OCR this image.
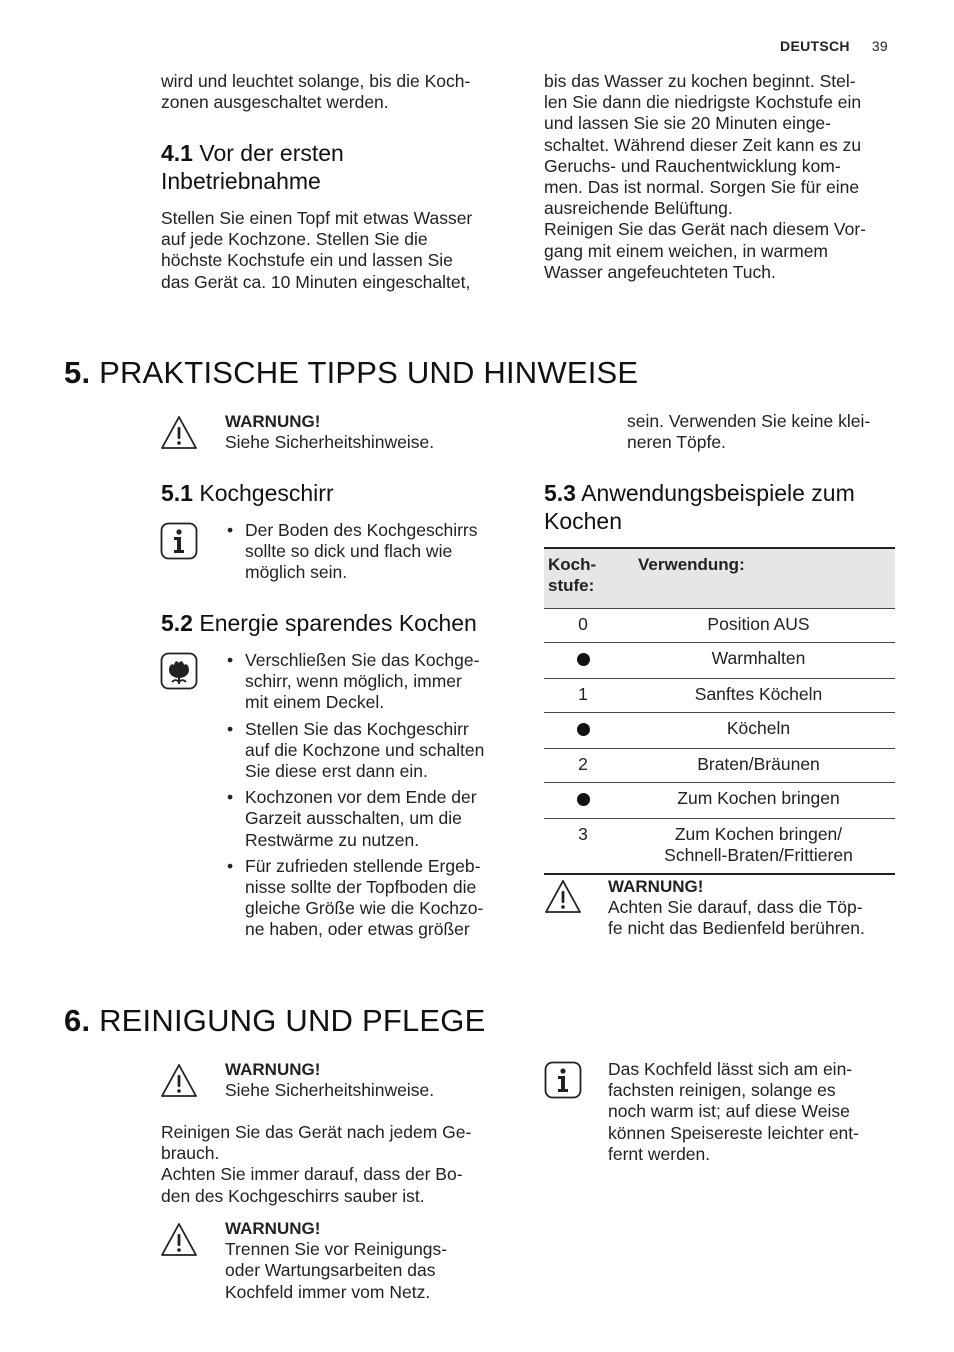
DEUTSCH 39
wird und leuchtet solange, bis die Koch-
zonen ausgeschaltet werden.
4.1 Vor der ersten
Inbetriebnahme
Stellen Sie einen Topf mit etwas Wasser
auf jede Kochzone. Stellen Sie die
höchste Kochstufe ein und lassen Sie
das Gerät ca. 10 Minuten eingeschaltet,
bis das Wasser zu kochen beginnt. Stel-
len Sie dann die niedrigste Kochstufe ein
und lassen Sie sie 20 Minuten einge-
schaltet. Während dieser Zeit kann es zu
Geruchs- und Rauchentwicklung kom-
men. Das ist normal. Sorgen Sie für eine
ausreichende Belüftung.
Reinigen Sie das Gerät nach diesem Vor-
gang mit einem weichen, in warmem
Wasser angefeuchteten Tuch.
5. PRAKTISCHE TIPPS UND HINWEISE
WARNUNG!
Siehe Sicherheitshinweise.
sein. Verwenden Sie keine klei-
neren Töpfe.
5.1 Kochgeschirr
• Der Boden des Kochgeschirrs
sollte so dick und flach wie
möglich sein.
5.2 Energie sparendes Kochen
• Verschließen Sie das Kochge-
schirr, wenn möglich, immer
mit einem Deckel.
• Stellen Sie das Kochgeschirr
auf die Kochzone und schalten
Sie diese erst dann ein.
• Kochzonen vor dem Ende der
Garzeit ausschalten, um die
Restwärme zu nutzen.
• Für zufrieden stellende Ergeb-
nisse sollte der Topfboden die
gleiche Größe wie die Kochzo-
ne haben, oder etwas größer
5.3 Anwendungsbeispiele zum
Kochen
Koch-
stufe:	Verwendung:

0	Position AUS
	Warmhalten
1	Sanftes Köcheln
	Köcheln
2	Braten/Bräunen
	Zum Kochen bringen
3	Zum Kochen bringen/
Schnell-Braten/Frittieren
WARNUNG!
Achten Sie darauf, dass die Töp-
fe nicht das Bedienfeld berühren.
6. REINIGUNG UND PFLEGE
WARNUNG!
Siehe Sicherheitshinweise.
Reinigen Sie das Gerät nach jedem Ge-
brauch.
Achten Sie immer darauf, dass der Bo-
den des Kochgeschirrs sauber ist.
WARNUNG!
Trennen Sie vor Reinigungs-
oder Wartungsarbeiten das
Kochfeld immer vom Netz.
Das Kochfeld lässt sich am ein-
fachsten reinigen, solange es
noch warm ist; auf diese Weise
können Speisereste leichter ent-
fernt werden.
